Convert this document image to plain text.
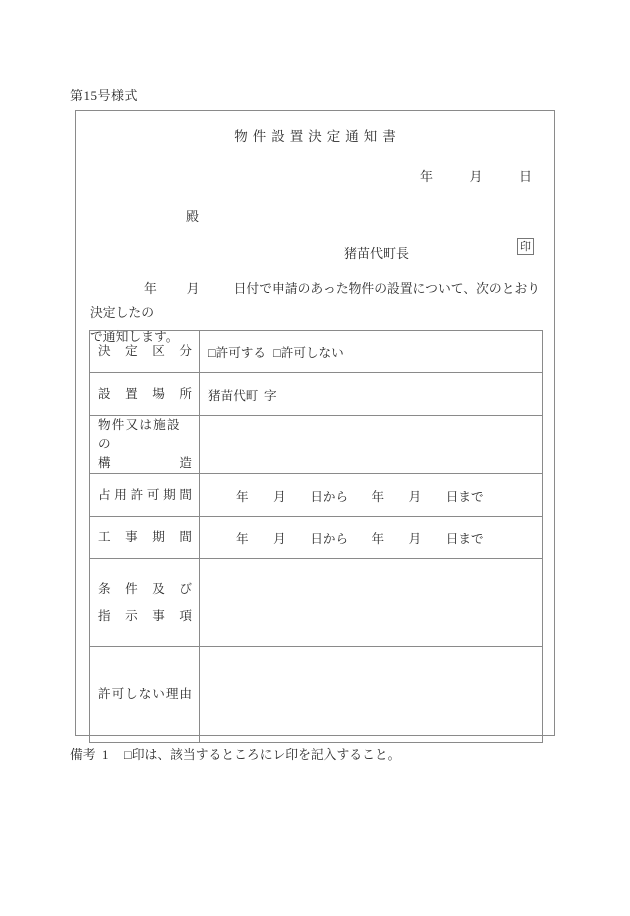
第15号様式
物件設置決定通知書
年	月	日
殿
猪苗代町長	印
年 月	日付で申請のあった物件の設置について、次のとおり決定したの
で通知します。
決 定 区 分	□許可する □許可しない

設 置 場 所	猪苗代町 字

物件又は施設の
構 造	

占 用 許 可 期 間	年 月 日から 年 月 日まで

工 事 期 間	年 月 日から 年 月 日まで

条 件 及 び
指 示 事 項

許 可 し な い 理 由

備考 1 □印は、該当するところにレ印を記入すること。
